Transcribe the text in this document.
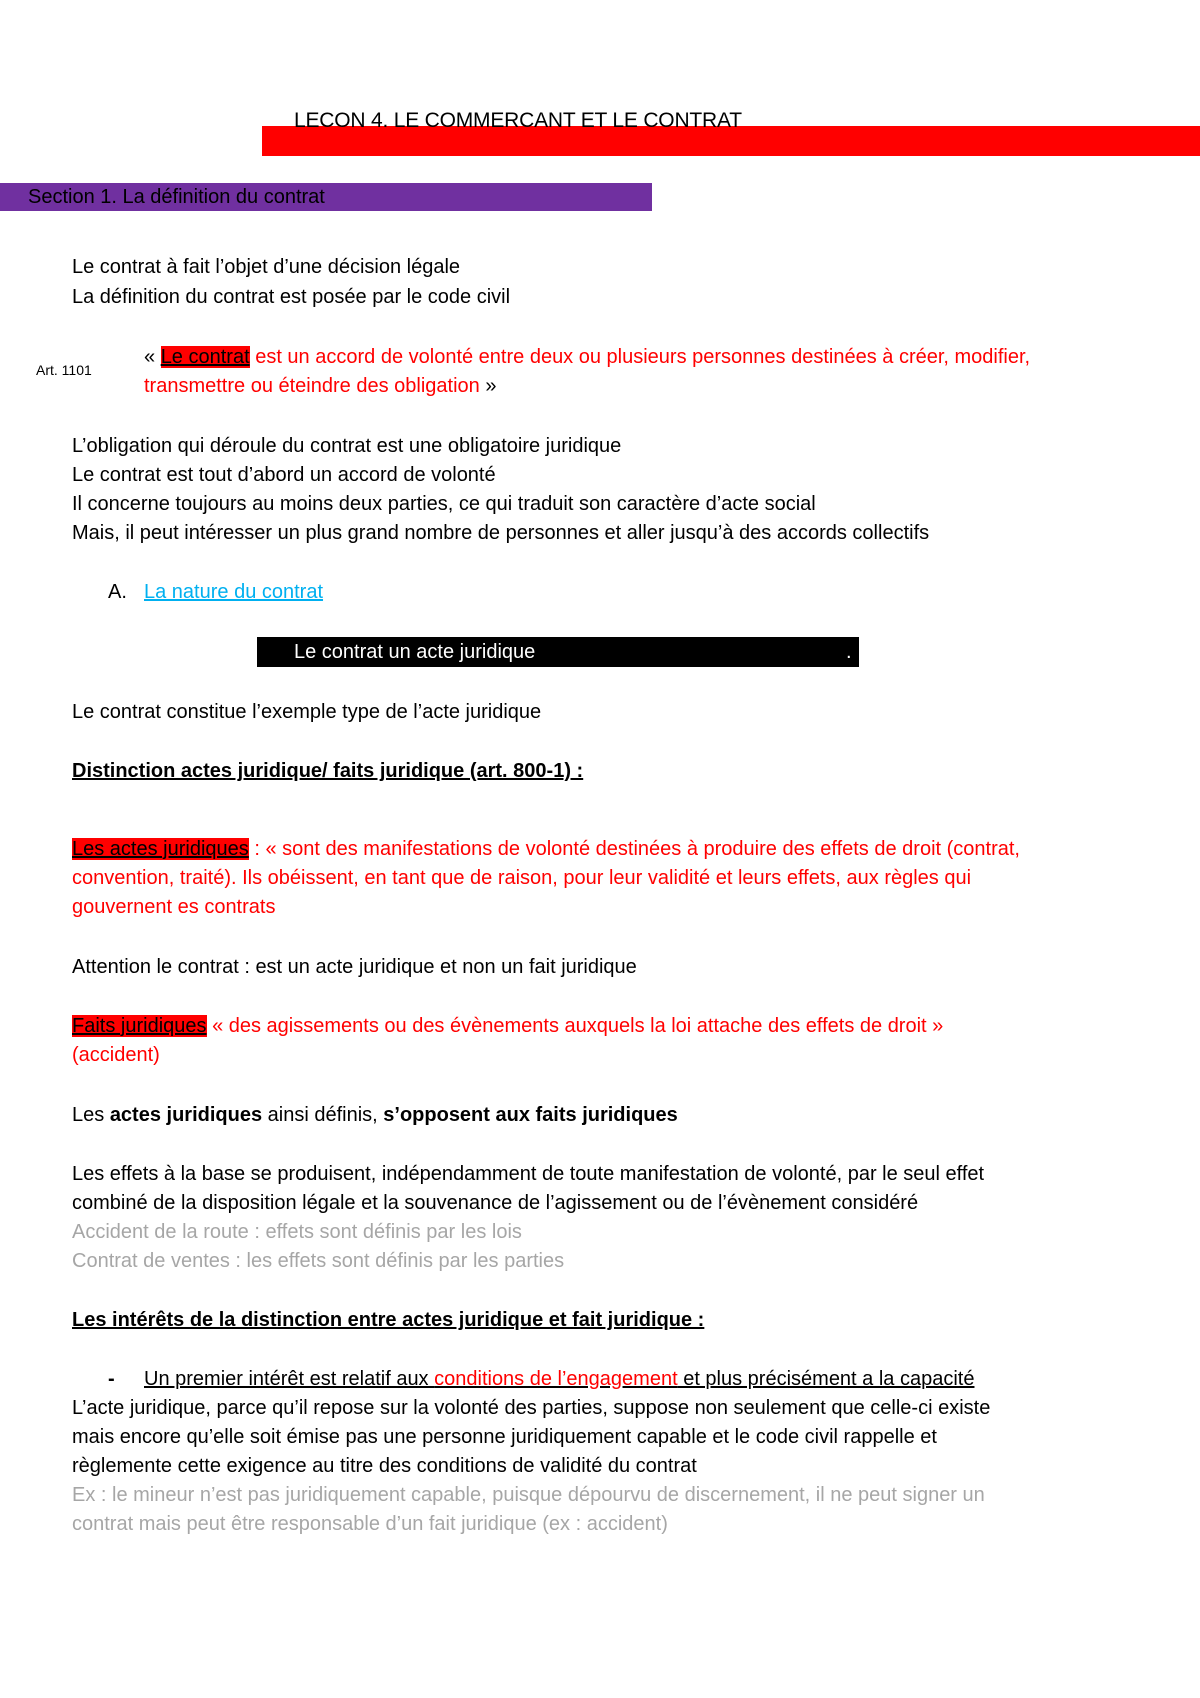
LECON 4. LE COMMERCANT ET LE CONTRAT
Section 1. La définition du contrat
Le contrat à fait l’objet d’une décision légale
La définition du contrat est posée par le code civil
Art. 1101
« Le contrat est un accord de volonté entre deux ou plusieurs personnes destinées à créer, modifier,
transmettre ou éteindre des obligation »
L’obligation qui déroule du contrat est une obligatoire juridique
Le contrat est tout d’abord un accord de volonté
Il concerne toujours au moins deux parties, ce qui traduit son caractère d’acte social
Mais, il peut intéresser un plus grand nombre de personnes et aller jusqu’à des accords collectifs
A. La nature du contrat
Le contrat un acte juridique	.
Le contrat constitue l’exemple type de l’acte juridique
Distinction actes juridique/ faits juridique (art. 800-1) :
Les actes juridiques : « sont des manifestations de volonté destinées à produire des effets de droit (contrat,
convention, traité). Ils obéissent, en tant que de raison, pour leur validité et leurs effets, aux règles qui
gouvernent es contrats
Attention le contrat : est un acte juridique et non un fait juridique
Faits juridiques « des agissements ou des évènements auxquels la loi attache des effets de droit »
(accident)
Les actes juridiques ainsi définis, s’opposent aux faits juridiques
Les effets à la base se produisent, indépendamment de toute manifestation de volonté, par le seul effet
combiné de la disposition légale et la souvenance de l’agissement ou de l’évènement considéré
Accident de la route : effets sont définis par les lois
Contrat de ventes : les effets sont définis par les parties
Les intérêts de la distinction entre actes juridique et fait juridique :
- Un premier intérêt est relatif aux conditions de l’engagement et plus précisément a la capacité
L’acte juridique, parce qu’il repose sur la volonté des parties, suppose non seulement que celle-ci existe
mais encore qu’elle soit émise pas une personne juridiquement capable et le code civil rappelle et
règlemente cette exigence au titre des conditions de validité du contrat
Ex : le mineur n’est pas juridiquement capable, puisque dépourvu de discernement, il ne peut signer un
contrat mais peut être responsable d’un fait juridique (ex : accident)
